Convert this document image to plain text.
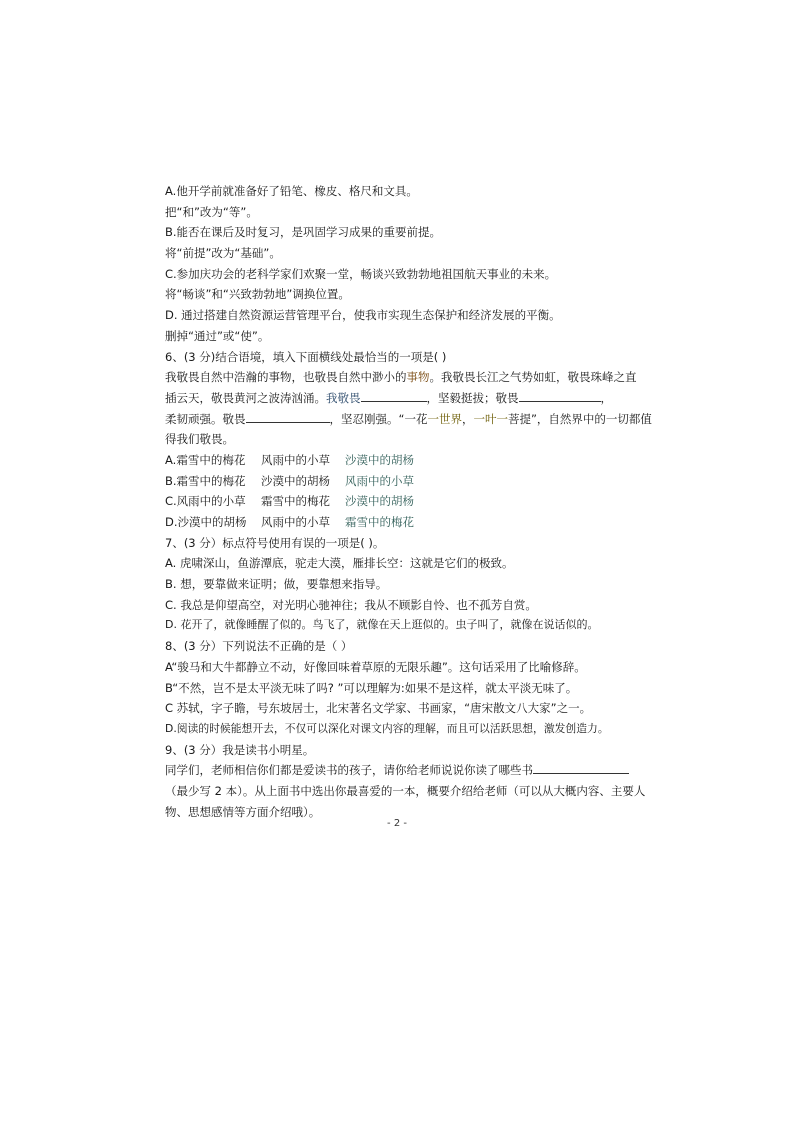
A.他开学前就准备好了铅笔、橡皮、格尺和文具。
把“和”改为“等”。
B.能否在课后及时复习，是巩固学习成果的重要前提。
将“前提”改为“基础”。
C.参加庆功会的老科学家们欢聚一堂，畅谈兴致勃勃地祖国航天事业的未来。
将“畅谈”和“兴致勃勃地”调换位置。
D. 通过搭建自然资源运营管理平台，使我市实现生态保护和经济发展的平衡。
删掉“通过”或“使”。
6、(3 分)结合语境，填入下面横线处最恰当的一项是( )
我敬畏自然中浩瀚的事物，也敬畏自然中渺小的事物。我敬畏长江之气势如虹，敬畏珠峰之直
插云天，敬畏黄河之波涛汹涌。我敬畏	，坚毅挺拔；敬畏	，
柔韧顽强。敬畏	，坚忍刚强。“一花一世界，一叶一菩提”，自然界中的一切都值
得我们敬畏。
A.霜雪中的梅花 风雨中的小草 沙漠中的胡杨
B.霜雪中的梅花 沙漠中的胡杨 风雨中的小草
C.风雨中的小草 霜雪中的梅花 沙漠中的胡杨
D.沙漠中的胡杨 风雨中的小草 霜雪中的梅花
7、(3 分）标点符号使用有误的一项是( )。
A. 虎啸深山，鱼游潭底，驼走大漠，雁排长空：这就是它们的极致。
B. 想，要靠做来证明；做，要靠想来指导。
C. 我总是仰望高空，对光明心驰神往；我从不顾影自怜、也不孤芳自赏。
D. 花开了，就像睡醒了似的。鸟飞了，就像在天上逛似的。虫子叫了，就像在说话似的。
8、(3 分）下列说法不正确的是（ ）
A“骏马和大牛都静立不动，好像回味着草原的无限乐趣”。这句话采用了比喻修辞。
B“不然，岂不是太平淡无味了吗? ”可以理解为:如果不是这样，就太平淡无味了。
C 苏轼，字子瞻，号东坡居士，北宋著名文学家、书画家，“唐宋散文八大家”之一。
D.阅读的时候能想开去，不仅可以深化对课文内容的理解，而且可以活跃思想，激发创造力。
9、(3 分）我是读书小明星。
同学们，老师相信你们都是爱读书的孩子，请你给老师说说你读了哪些书
（最少写 2 本）。从上面书中选出你最喜爱的一本，概要介绍给老师（可以从大概内容、主要人
物、思想感情等方面介绍哦）。
- 2 -
